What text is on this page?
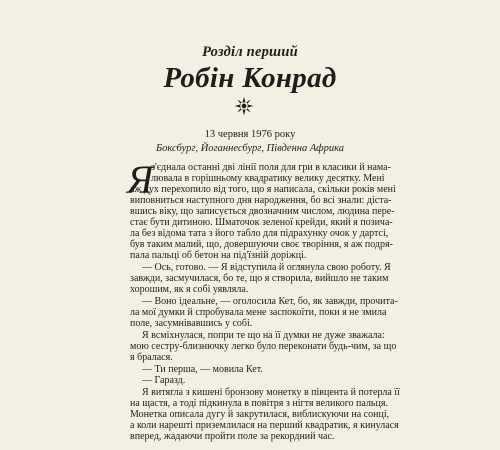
Розділ перший
Робін Конрад
13 червня 1976 року
Боксбург, Йоганнесбург, Південна Африка
Я
з'єднала останні дві лінії поля для гри в класики й нама-
лювала в горішньому квадратику велику десятку. Мені
аж дух перехопило від того, що я написала, скільки років мені
виповниться наступного дня народження, бо всі знали: діста-
вшись віку, що записується двозначним числом, людина пере-
стає бути дитиною. Шматочок зеленої крейди, який я позича-
ла без відома тата з його табло для підрахунку очок у дартсі,
був таким малий, що, довершуючи своє творіння, я аж подря-
пала пальці об бетон на під'їзній доріжці.
— Ось, готово. — Я відступила й оглянула свою роботу. Я
завжди, засмучилася, бо те, що я створила, вийшло не таким
хорошим, як я собі уявляла.
— Воно ідеальне, — оголосила Кет, бо, як завжди, прочита-
ла мої думки й спробувала мене заспокоїти, поки я не змила
поле, засумнівавшись у собі.
Я всміхнулася, попри те що на її думки не дуже зважала:
мою сестру-близнючку легко було переконати будь-чим, за що
я бралася.
— Ти перша, — мовила Кет.
— Гаразд.
Я витягла з кишені бронзову монетку в півцента й потерла її
на щастя, а тоді підкинула в повітря з нігтя великого пальця.
Монетка описала дугу й закрутилася, виблискуючи на сонці,
а коли нарешті приземлилася на перший квадратик, я кинулася
вперед, жадаючи пройти поле за рекордний час.
